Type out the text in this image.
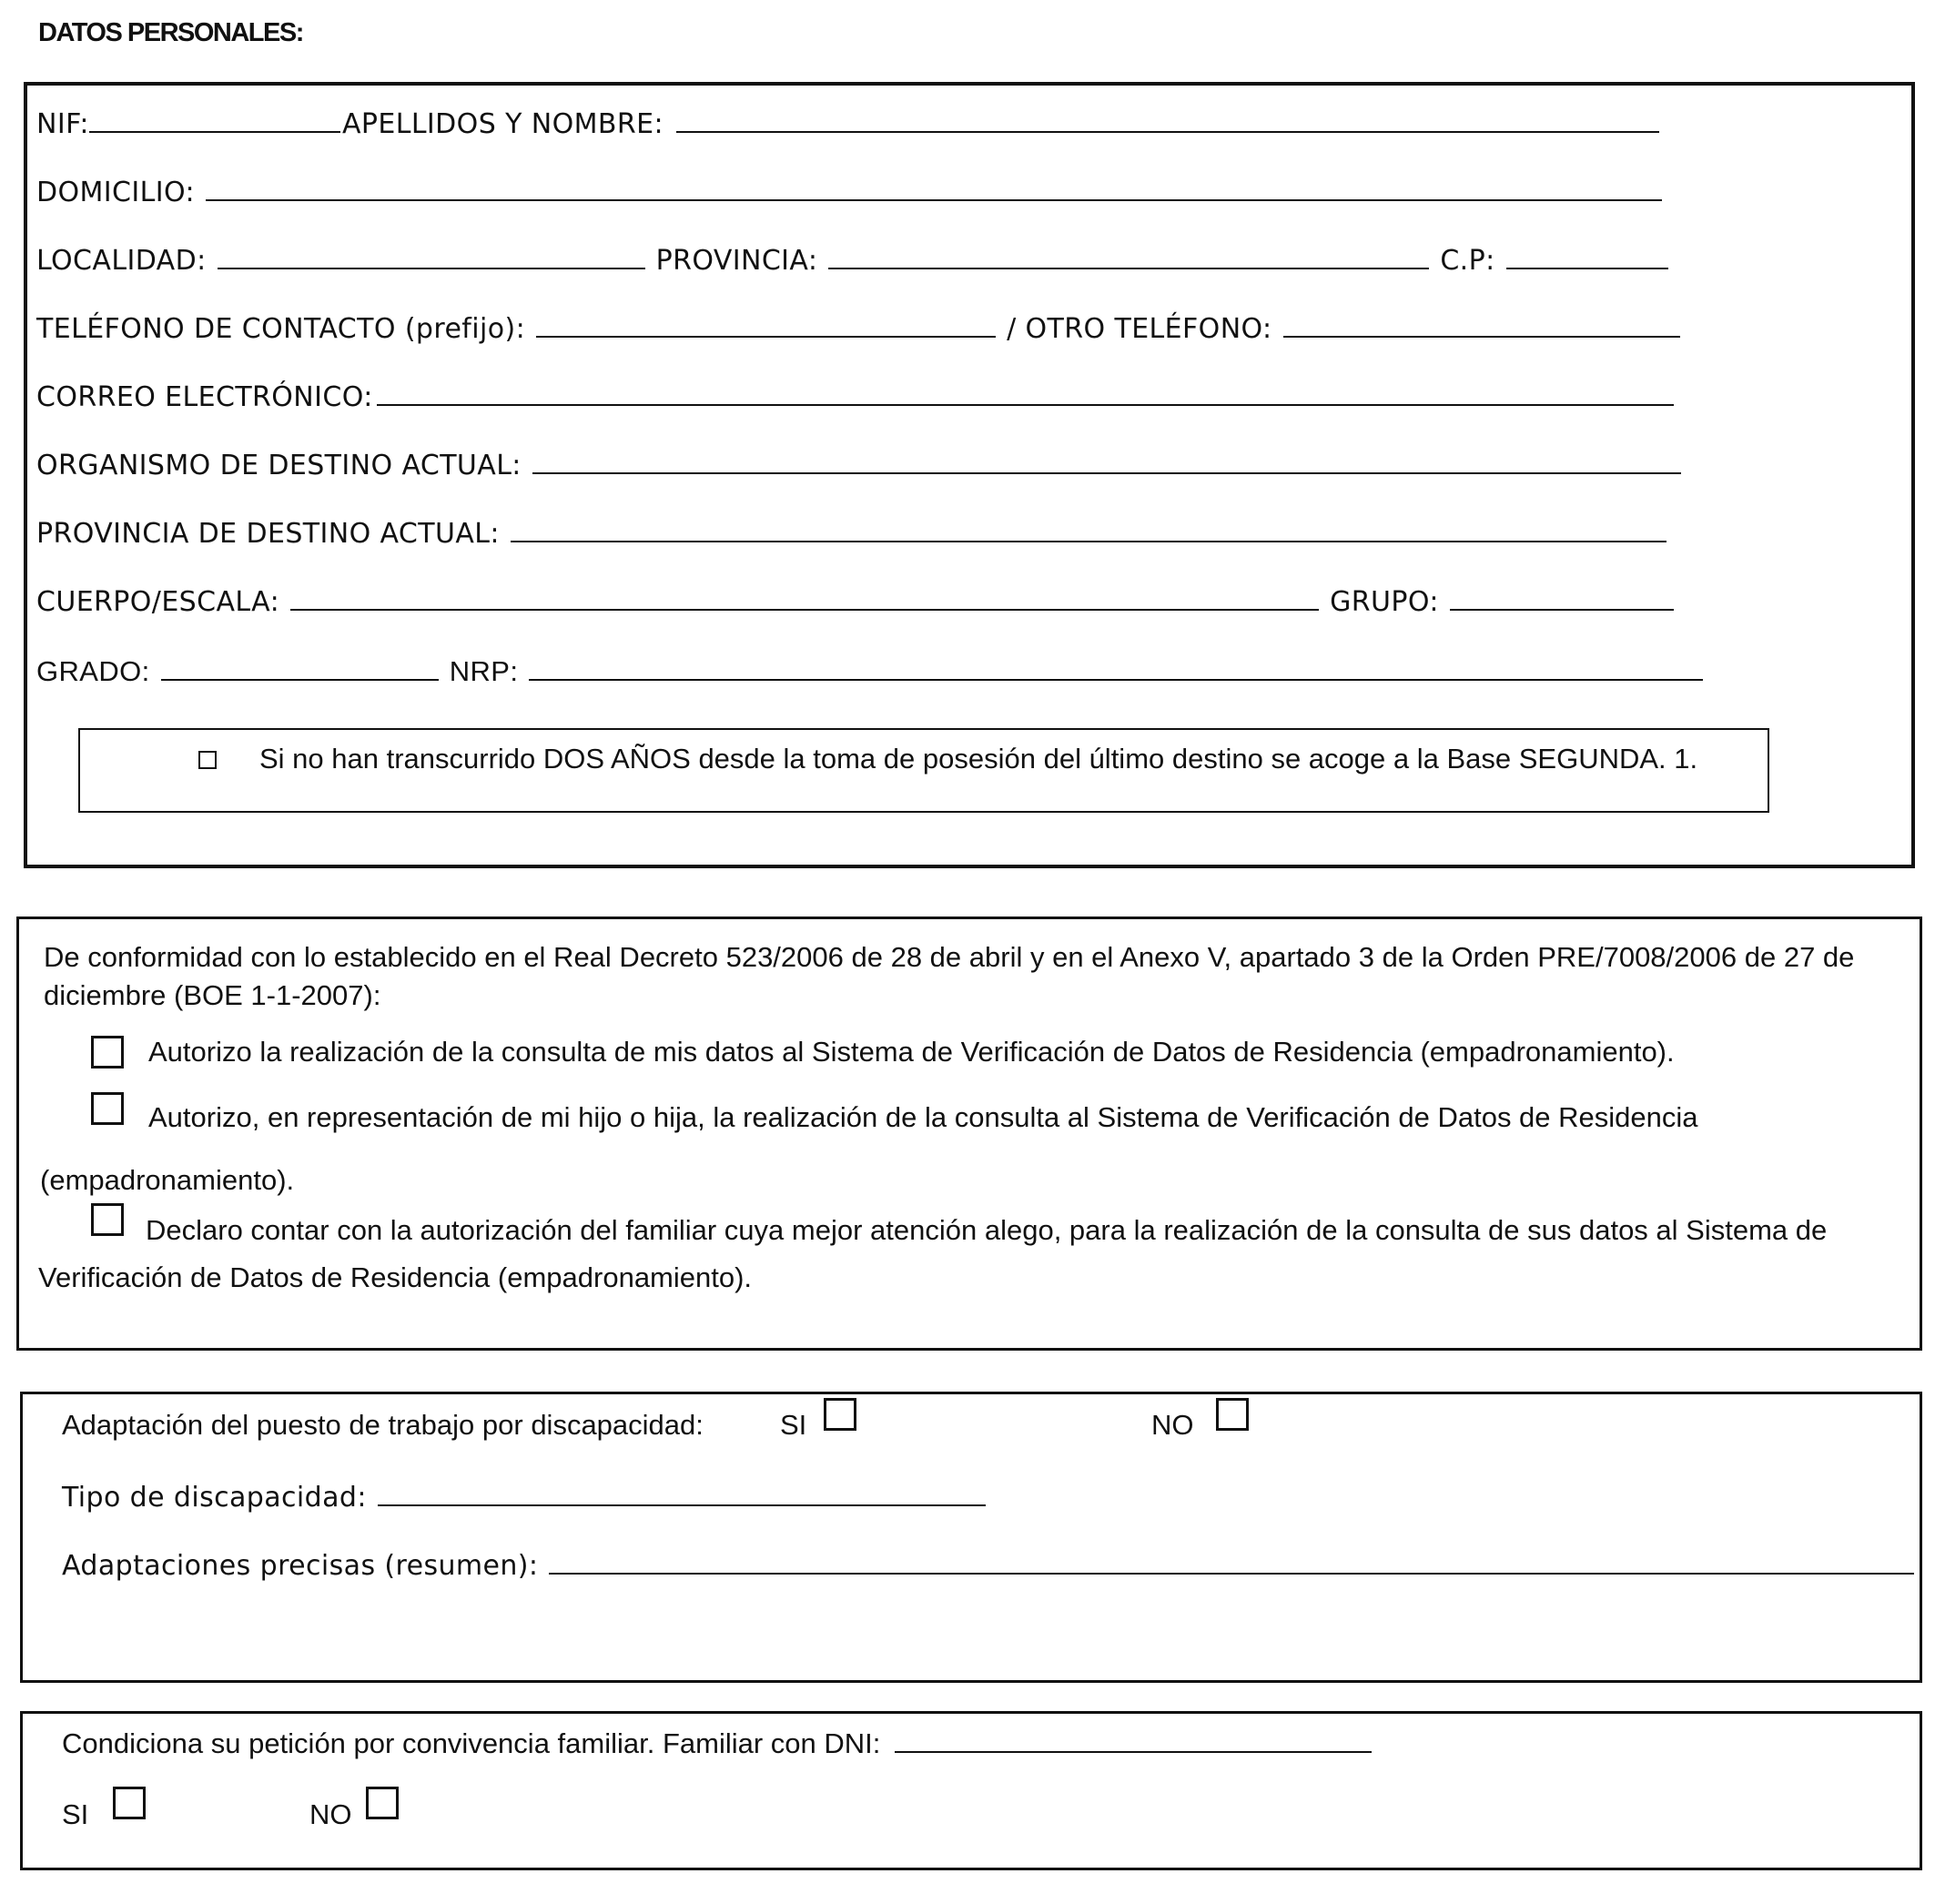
DATOS PERSONALES:
NIF:	APELLIDOS Y NOMBRE:
DOMICILIO:
LOCALIDAD:	PROVINCIA:	C.P:
TELÉFONO DE CONTACTO (prefijo):	/ OTRO TELÉFONO:
CORREO ELECTRÓNICO:
ORGANISMO DE DESTINO ACTUAL:
PROVINCIA DE DESTINO ACTUAL:
CUERPO/ESCALA:	GRUPO:
GRADO:	NRP:
Si no han transcurrido DOS AÑOS desde la toma de posesión del último destino se acoge a la Base SEGUNDA. 1.
De conformidad con lo establecido en el Real Decreto 523/2006 de 28 de abril y en el Anexo V, apartado 3 de la Orden PRE/7008/2006 de 27 de
diciembre (BOE 1-1-2007):
Autorizo la realización de la consulta de mis datos al Sistema de Verificación de Datos de Residencia (empadronamiento).
Autorizo, en representación de mi hijo o hija, la realización de la consulta al Sistema de Verificación de Datos de Residencia
(empadronamiento).
Declaro contar con la autorización del familiar cuya mejor atención alego, para la realización de la consulta de sus datos al Sistema de
Verificación de Datos de Residencia (empadronamiento).
Adaptación del puesto de trabajo por discapacidad:	SI	NO
Tipo de discapacidad:
Adaptaciones precisas (resumen):
Condiciona su petición por convivencia familiar. Familiar con DNI:
SI	NO
